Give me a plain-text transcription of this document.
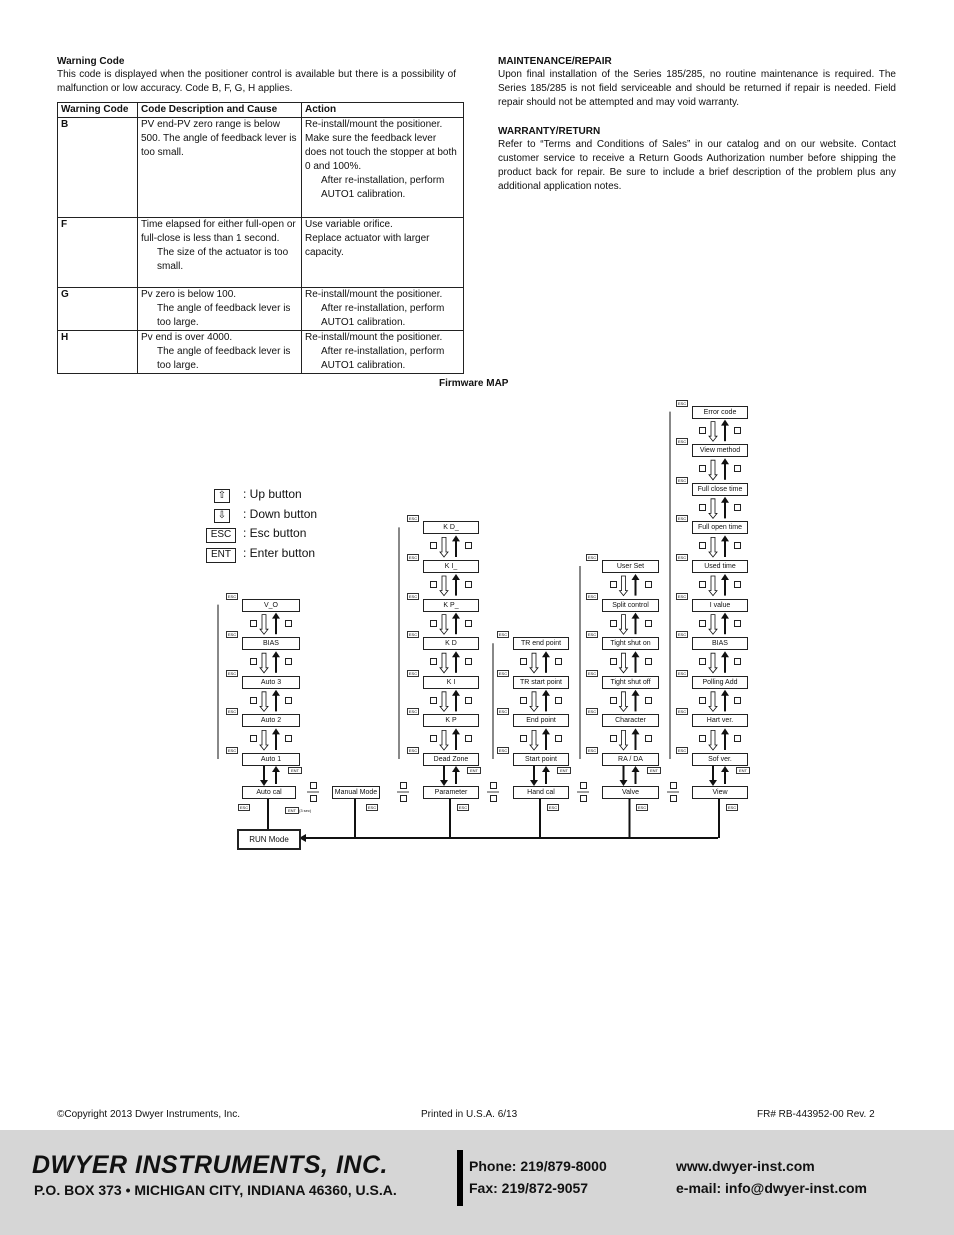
Warning Code
This code is displayed when the positioner control is available but there is a possibility of malfunction or low accuracy. Code B, F, G, H applies.
Warning Code	Code Description and Cause	Action
B	PV end-PV zero range is below 500. The angle of feedback lever is too small.	Re-install/mount the positioner. Make sure the feedback lever does not touch the stopper at both 0 and 100%.
After re-installation, perform AUTO1 calibration.

F	Time elapsed for either full-open or full-close is less than 1 second.
The size of the actuator is too small.	Use variable orifice.
Replace actuator with larger capacity.

G	Pv zero is below 100.
The angle of feedback lever is too large.	Re-install/mount the positioner.
After re-installation, perform AUTO1 calibration.

H	Pv end is over 4000.
The angle of feedback lever is too large.	Re-install/mount the positioner.
After re-installation, perform AUTO1 calibration.
MAINTENANCE/REPAIR
Upon final installation of the Series 185/285, no routine maintenance is required. The Series 185/285 is not field serviceable and should be returned if repair is needed. Field repair should not be attempted and may void warranty.
WARRANTY/RETURN
Refer to “Terms and Conditions of Sales” in our catalog and on our website. Contact customer service to receive a Return Goods Authorization number before shipping the product back for repair. Be sure to include a brief description of the problem plus any additional application notes.
Firmware MAP
⇧	: Up button
⇩	: Down button
ESC : Esc button
ENT	: Enter button
Auto cal
ESC
Manual Mode
ESC
Parameter
ESC
Hand cal
ESC
Valve
ESC
View
ESC
ENT (3 sec)
V_O
ESC
BIAS
ESC
Auto 3
ESC
Auto 2
ESC
Auto 1
ESC
ENT
K D_
ESC
K I_
ESC
K P_
ESC
K D
ESC
K I
ESC
K P
ESC
Dead Zone
ESC
ENT
TR end point
ESC
TR start point
ESC
End point
ESC
Start point
ESC
ENT
User Set
ESC
Split control
ESC
Tight shut on
ESC
Tight shut off
ESC
Character
ESC
RA / DA
ESC
ENT
Error code
ESC
View method
ESC
Full close time
ESC
Full open time
ESC
Used time
ESC
I value
ESC
BIAS
ESC
Polling Add
ESC
Hart ver.
ESC
Sof ver.
ESC
ENT
RUN Mode
©Copyright 2013 Dwyer Instruments, Inc.	Printed in U.S.A. 6/13	FR# RB-443952-00 Rev. 2
DWYER INSTRUMENTS, INC.
P.O. BOX 373 • MICHIGAN CITY, INDIANA 46360, U.S.A.
Phone: 219/879-8000
Fax: 219/872-9057
www.dwyer-inst.com
e-mail: info@dwyer-inst.com
